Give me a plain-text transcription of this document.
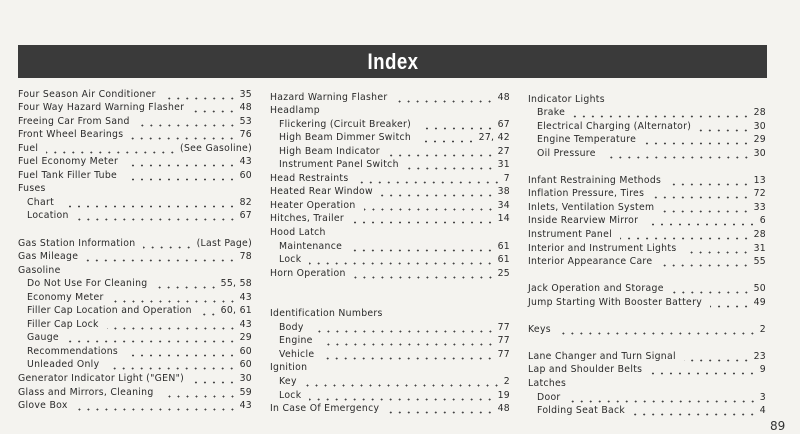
Index
Four Season Air Conditioner	35
Four Way Hazard Warning Flasher	48
Freeing Car From Sand	53
Front Wheel Bearings	76
Fuel	(See Gasoline)
Fuel Economy Meter	43
Fuel Tank Filler Tube	60
Fuses
Chart	82
Location	67
Gas Station Information	(Last Page)
Gas Mileage	78
Gasoline
Do Not Use For Cleaning	55, 58
Economy Meter	43
Filler Cap Location and Operation	60, 61
Filler Cap Lock	43
Gauge	29
Recommendations	60
Unleaded Only	60
Generator Indicator Light ("GEN")	30
Glass and Mirrors, Cleaning	59
Glove Box	43
Hazard Warning Flasher	48
Headlamp
Flickering (Circuit Breaker)	67
High Beam Dimmer Switch	27, 42
High Beam Indicator	27
Instrument Panel Switch	31
Head Restraints	7
Heated Rear Window	38
Heater Operation	34
Hitches, Trailer	14
Hood Latch
Maintenance	61
Lock	61
Horn Operation	25
Identification Numbers
Body	77
Engine	77
Vehicle	77
Ignition
Key	2
Lock	19
In Case Of Emergency	48
Indicator Lights
Brake	28
Electrical Charging (Alternator)	30
Engine Temperature	29
Oil Pressure	30
Infant Restraining Methods	13
Inflation Pressure, Tires	72
Inlets, Ventilation System	33
Inside Rearview Mirror	6
Instrument Panel	28
Interior and Instrument Lights	31
Interior Appearance Care	55
Jack Operation and Storage	50
Jump Starting With Booster Battery	49
Keys	2
Lane Changer and Turn Signal	23
Lap and Shoulder Belts	9
Latches
Door	3
Folding Seat Back	4
89
